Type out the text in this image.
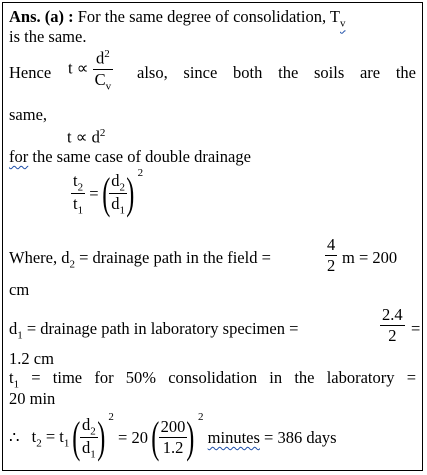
Ans. (a) : For the same degree of consolidation, $T_v$
is the same.
Hence $t \propto \frac{d^2}{C_v}$ also, since both the soils are the
same,
$t \propto d^2$
for the same case of double drainage
$\frac{t_2}{t_1}$ =( $\frac{d_2}{d_1}$ ) $^2$
Where, $d_2$ = drainage path in the field =	$\frac{4}{2}$ m = 200
cm
$d_1$ = drainage path in laboratory specimen =	$\frac{2.4}{2}$ =
1.2 cm
$t_1$ = time for 50% consolidation in the laboratory =
20 min
∴ $t_2 = t_1( \frac{d_2}{d_1}$ ) $^2 = 20( \frac{200}{1.2}$ ) $^2$ minutes = 386 days
